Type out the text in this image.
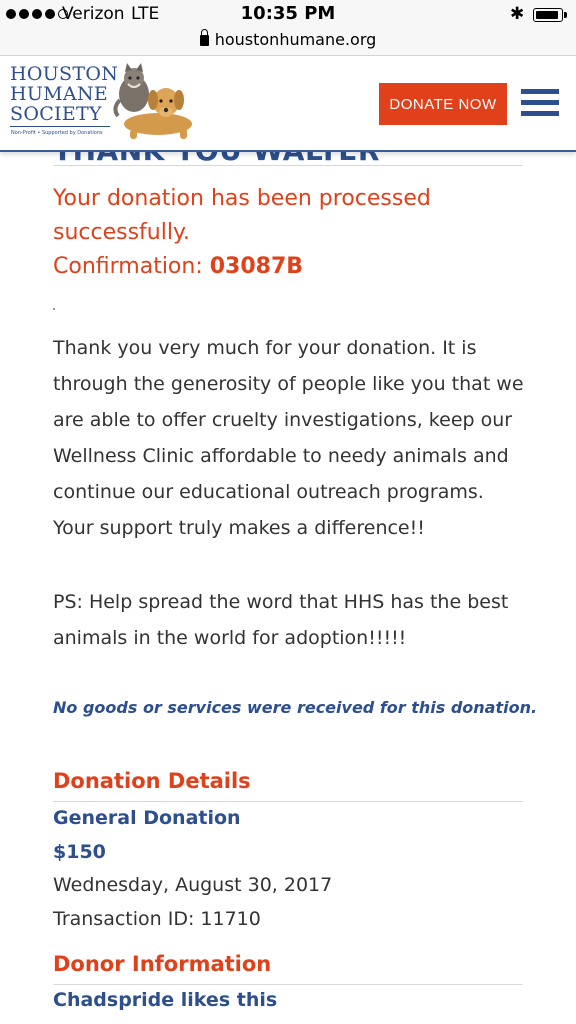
Verizon LTE	10:35 PM	✱
houstonhumane.org
HOUSTON
HUMANE
SOCIETY
Non-Profit • Supported by Donations
DONATE NOW
Your donation has been processed successfully.
Confirmation: 03087B

Thank you very much for your donation. It is through the generosity of people like you that we are able to offer cruelty investigations, keep our Wellness Clinic affordable to needy animals and continue our educational outreach programs. Your support truly makes a difference!!

PS: Help spread the word that HHS has the best animals in the world for adoption!!!!!

No goods or services were received for this donation.
Donation Details
General Donation
$150
Wednesday, August 30, 2017
Transaction ID: 11710
Donor Information
Chadspride likes this
